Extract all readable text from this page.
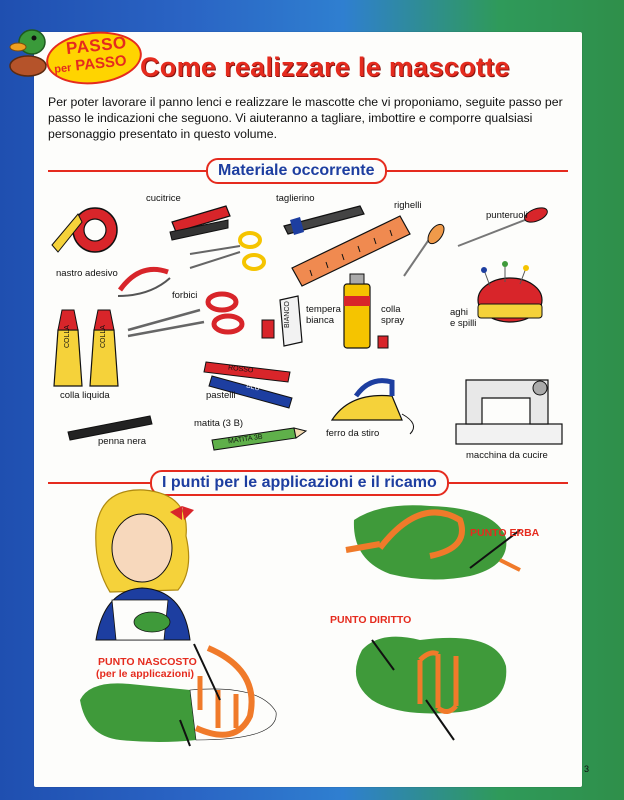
PASSO
per PASSO Come realizzare le mascotte
Per poter lavorare il panno lenci e realizzare le mascotte che vi proponiamo, seguite passo per passo le indicazioni che seguono. Vi aiuteranno a tagliare, imbottire e comporre qualsiasi personaggio presentato in questo volume.
Materiale occorrente
I punti per le applicazioni e il ricamo
COLLA	COLLA
BIANCO
ROSSO
BLU
MATITA 3B
cucitrice	taglierino
righelli
punteruoli
nastro adesivo
forbici
tempera
bianca
colla
spray
aghi
e spilli
colla liquida	pastelli
matita (3 B)
penna nera
ferro da stiro
macchina da cucire
PUNTO ERBA
PUNTO DIRITTO
PUNTO NASCOSTO
(per le applicazioni)
3
